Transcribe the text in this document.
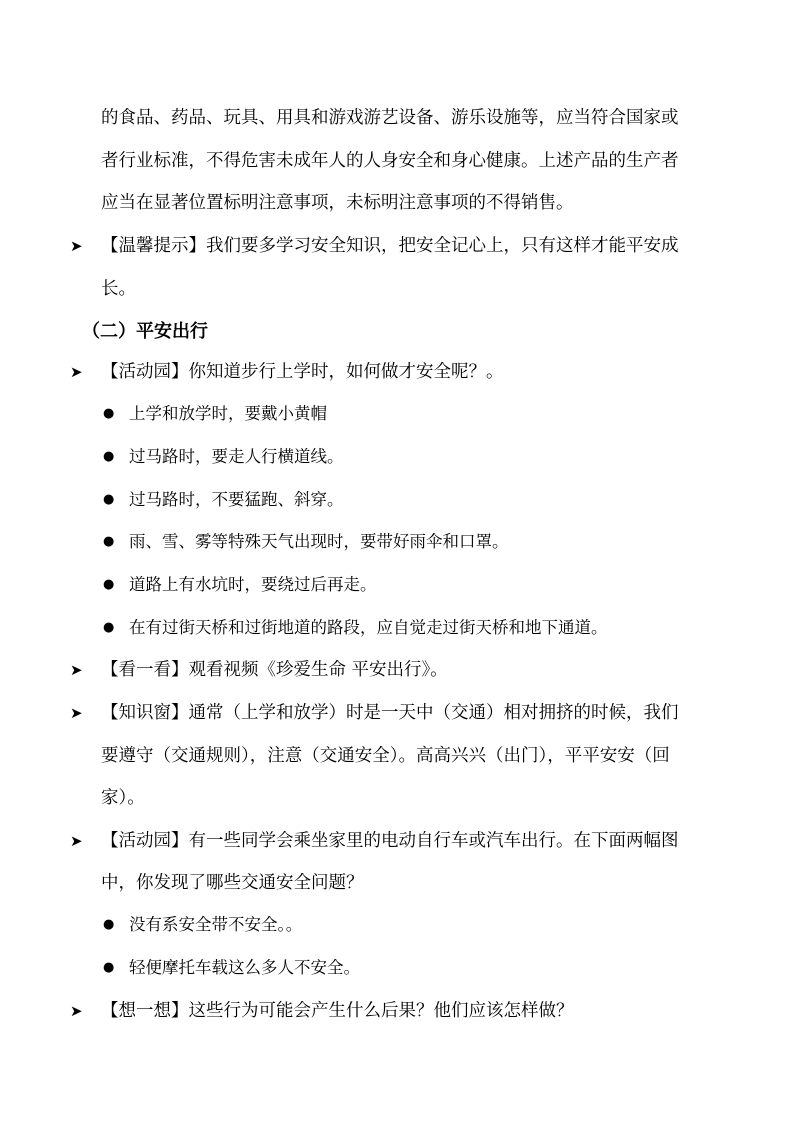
的食品、药品、玩具、用具和游戏游艺设备、游乐设施等，应当符合国家或
者行业标准，不得危害未成年人的人身安全和身心健康。上述产品的生产者
应当在显著位置标明注意事项，未标明注意事项的不得销售。
➤ 【温馨提示】我们要多学习安全知识，把安全记心上，只有这样才能平安成
长。
（二）平安出行
➤ 【活动园】你知道步行上学时，如何做才安全呢？。
● 上学和放学时，要戴小黄帽
● 过马路时，要走人行横道线。
● 过马路时，不要猛跑、斜穿。
● 雨、雪、雾等特殊天气出现时，要带好雨伞和口罩。
● 道路上有水坑时，要绕过后再走。
● 在有过街天桥和过街地道的路段，应自觉走过街天桥和地下通道。
➤ 【看一看】观看视频《珍爱生命 平安出行》。
➤ 【知识窗】通常（上学和放学）时是一天中（交通）相对拥挤的时候，我们
要遵守（交通规则），注意（交通安全）。高高兴兴（出门），平平安安（回
家）。
➤ 【活动园】有一些同学会乘坐家里的电动自行车或汽车出行。在下面两幅图
中，你发现了哪些交通安全问题？
● 没有系安全带不安全。。
● 轻便摩托车载这么多人不安全。
➤ 【想一想】这些行为可能会产生什么后果？他们应该怎样做？
